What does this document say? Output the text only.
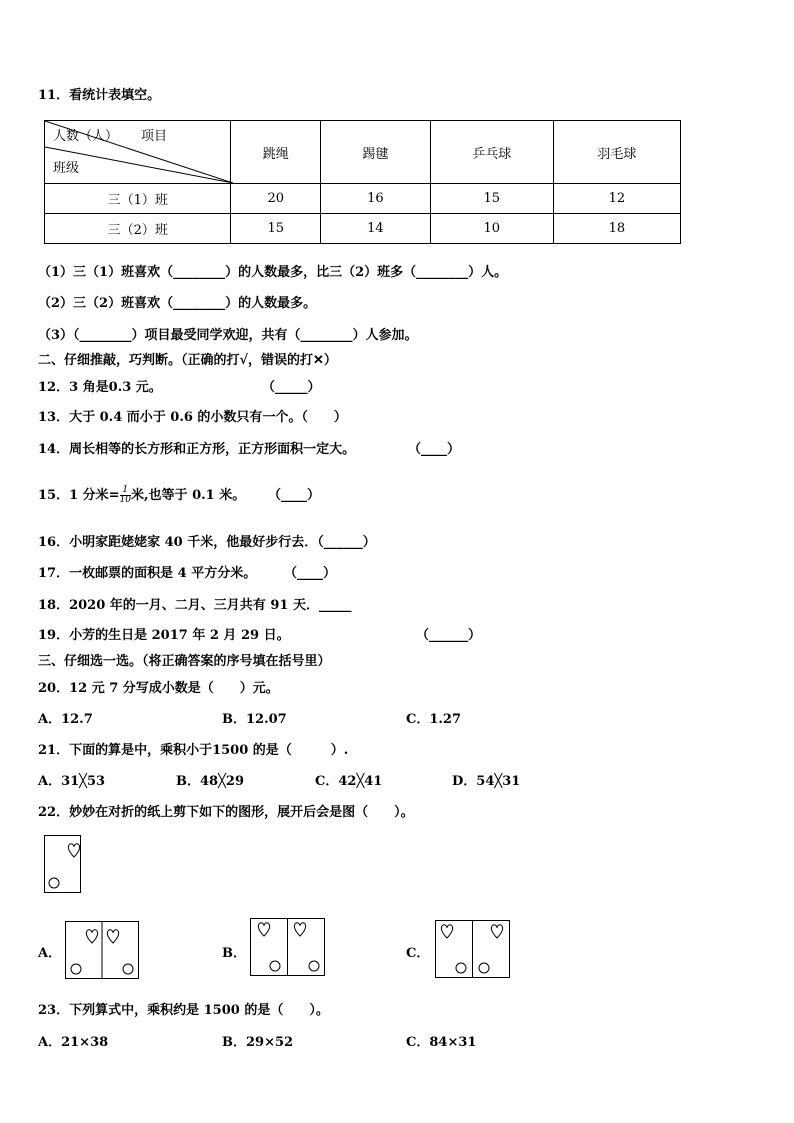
11．看统计表填空。
人数（人） 项目
班级	跳绳	踢毽	乒乓球	羽毛球
三（1）班	20	16	15	12
三（2）班	15	14	10	18
（1）三（1）班喜欢（________）的人数最多，比三（2）班多（________）人。
（2）三（2）班喜欢（________）的人数最多。
（3）（________）项目最受同学欢迎，共有（________）人参加。
二、仔细推敲，巧判断。（正确的打√，错误的打✕）
12．3 角是0.3 元。	（_____）
13．大于 0.4 而小于 0.6 的小数只有一个。（　　）
14．周长相等的长方形和正方形，正方形面积一定大。	（____）
15．1 分米= $\frac{1}{10}$ 米,也等于 0.1 米。 （____）
16．小明家距姥姥家 40 千米，他最好步行去．（______）
17．一枚邮票的面积是 4 平方分米。 （____）
18．2020 年的一月、二月、三月共有 91 天．_____
19．小芳的生日是 2017 年 2 月 29 日。	（______）
三、仔细选一选。（将正确答案的序号填在括号里）
20．12 元 7 分写成小数是（　　）元。
A．12.7	B．12.07	C．1.27
21．下面的算是中，乘积小于1500 的是（　　　）.
A．31╳53	B．48╳29	C．42╳41	D．54╳31
22．妙妙在对折的纸上剪下如下的图形，展开后会是图（　　）。
A．	B．	C．
23．下列算式中，乘积约是 1500 的是（　　）。
A．21×38	B．29×52	C．84×31
